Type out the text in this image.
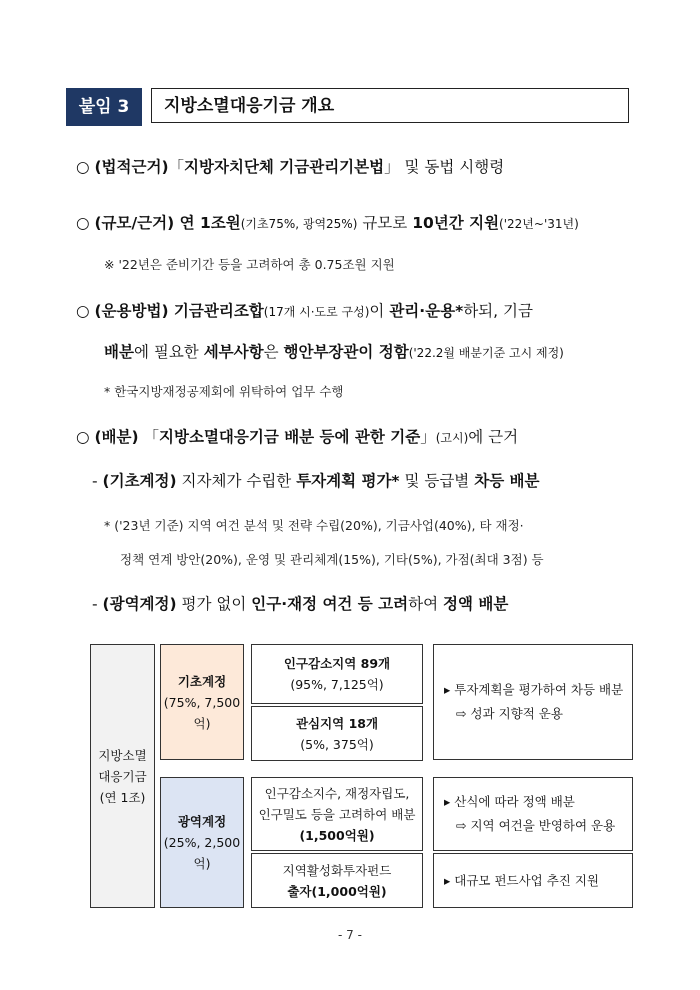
붙임 3	지방소멸대응기금 개요
○ (법적근거)「지방자치단체 기금관리기본법」 및 동법 시행령
○ (규모/근거) 연 1조원(기초75%, 광역25%) 규모로 10년간 지원('22년~'31년)
※ '22년은 준비기간 등을 고려하여 총 0.75조원 지원
○ (운용방법) 기금관리조합(17개 시·도로 구성)이 관리·운용*하되, 기금
배분에 필요한 세부사항은 행안부장관이 정함('22.2월 배분기준 고시 제정)
* 한국지방재정공제회에 위탁하여 업무 수행
○ (배분) 「지방소멸대응기금 배분 등에 관한 기준」(고시)에 근거
- (기초계정) 지자체가 수립한 투자계획 평가* 및 등급별 차등 배분
* ('23년 기준) 지역 여건 분석 및 전략 수립(20%), 기금사업(40%), 타 재정·
정책 연계 방안(20%), 운영 및 관리체계(15%), 기타(5%), 가점(최대 3점) 등
- (광역계정) 평가 없이 인구·재정 여건 등 고려하여 정액 배분
지방소멸
대응기금
(연 1조)
기초계정
(75%, 7,500억)
인구감소지역 89개
(95%, 7,125억)
관심지역 18개
(5%, 375억)
▸ 투자계획을 평가하여 차등 배분
⇨ 성과 지향적 운용
광역계정
(25%, 2,500억)
인구감소지수, 재정자립도,
인구밀도 등을 고려하여 배분
(1,500억원)
지역활성화투자펀드
출자(1,000억원)
▸ 산식에 따라 정액 배분
⇨ 지역 여건을 반영하여 운용
▸ 대규모 펀드사업 추진 지원
- 7 -
